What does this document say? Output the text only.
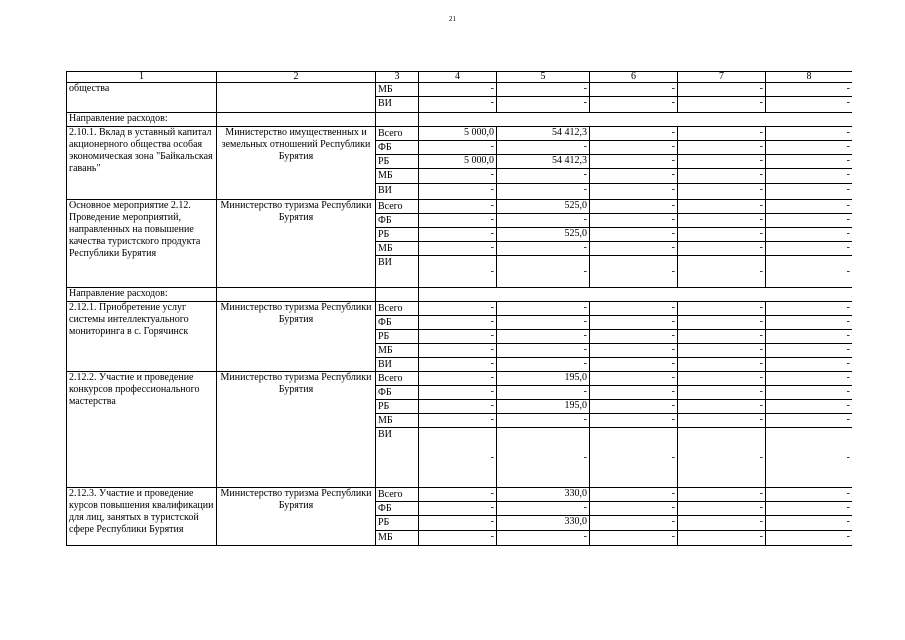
21
1	2	3	4	5	6	7	8
общества		МБ	-	-	-	-	-
		ВИ	-	-	-	-	-
Направление расходов:							
2.10.1. Вклад в уставный капитал акционерного общества особая экономическая зона "Байкальская гавань"	Министерство имущественных и земельных отношений Республики Бурятия	Всего	5 000,0	54 412,3	-	-	-
		ФБ	-	-	-	-	-
		РБ	5 000,0	54 412,3	-	-	-
		МБ	-	-	-	-	-
		ВИ	-	-	-	-	-
Основное мероприятие 2.12. Проведение мероприятий, направленных на повышение качества туристского продукта Республики Бурятия	Министерство туризма Республики Бурятия	Всего	-	525,0	-	-	-
		ФБ	-	-	-	-	-
		РБ	-	525,0	-	-	-
		МБ	-	-	-	-	-
		ВИ	-	-	-	-	-
Направление расходов:							
2.12.1. Приобретение услуг системы интеллектуального мониторинга в с. Горячинск	Министерство туризма Республики Бурятия	Всего	-	-	-	-	-
		ФБ	-	-	-	-	-
		РБ	-	-	-	-	-
		МБ	-	-	-	-	-
		ВИ	-	-	-	-	-
2.12.2. Участие и проведение конкурсов профессионального мастерства	Министерство туризма Республики Бурятия	Всего	-	195,0	-	-	-
		ФБ	-	-	-	-	-
		РБ	-	195,0	-	-	-
		МБ	-	-	-	-	-
		ВИ	-	-	-	-	-
2.12.3. Участие и проведение курсов повышения квалификации для лиц, занятых в туристской сфере Республики Бурятия	Министерство туризма Республики Бурятия	Всего	-	330,0	-	-	-
		ФБ	-	-	-	-	-
		РБ	-	330,0	-	-	-
		МБ	-	-	-	-	-
